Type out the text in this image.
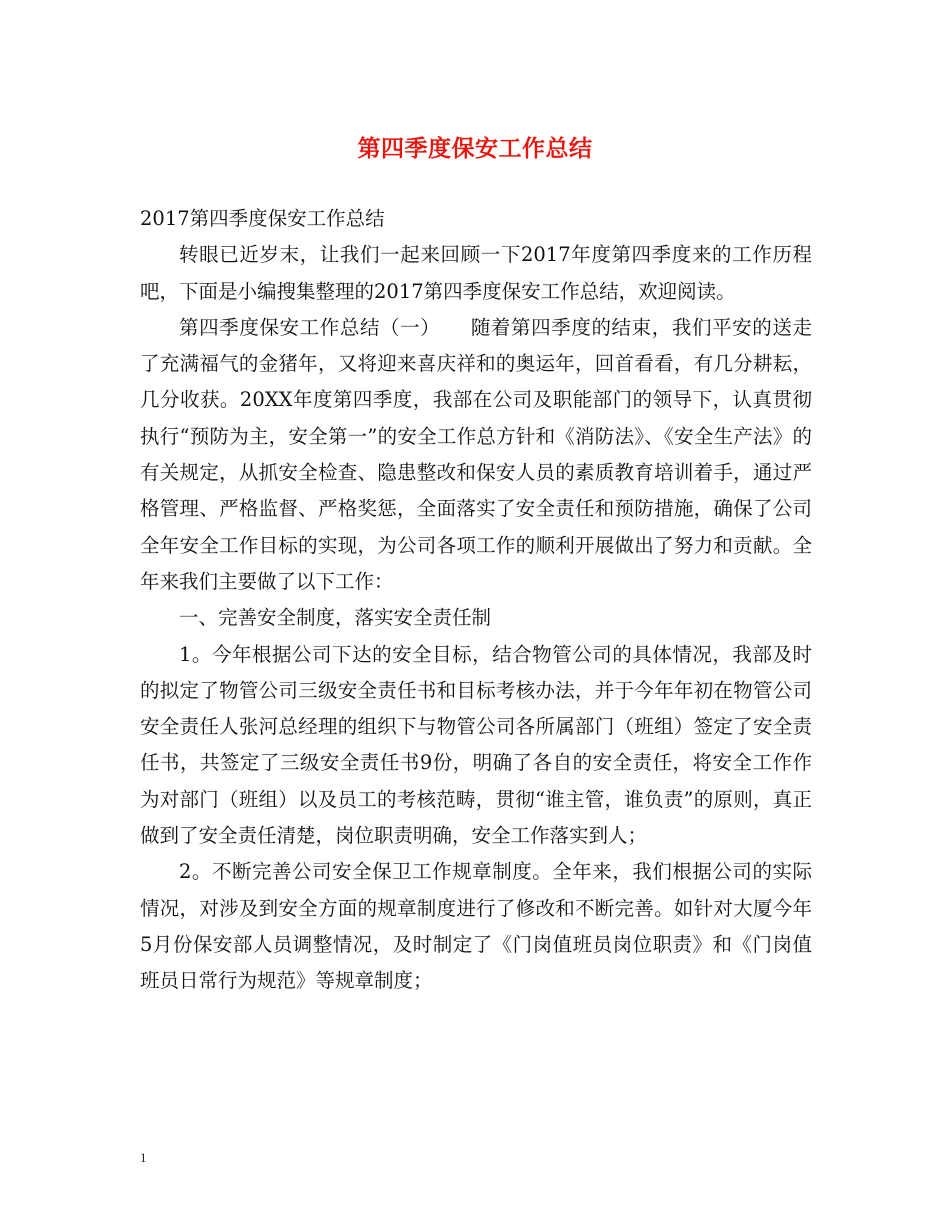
第四季度保安工作总结

2017第四季度保安工作总结

转眼已近岁末，让我们一起来回顾一下2017年度第四季度来的工作历程吧，下面是小编搜集整理的2017第四季度保安工作总结，欢迎阅读。

第四季度保安工作总结（一）　　随着第四季度的结束，我们平安的送走了充满福气的金猪年，又将迎来喜庆祥和的奥运年，回首看看，有几分耕耘，几分收获。20XX年度第四季度，我部在公司及职能部门的领导下，认真贯彻执行“预防为主，安全第一”的安全工作总方针和《消防法》、《安全生产法》的有关规定，从抓安全检查、隐患整改和保安人员的素质教育培训着手，通过严格管理、严格监督、严格奖惩，全面落实了安全责任和预防措施，确保了公司全年安全工作目标的实现，为公司各项工作的顺利开展做出了努力和贡献。全年来我们主要做了以下工作：

一、完善安全制度，落实安全责任制

1。今年根据公司下达的安全目标，结合物管公司的具体情况，我部及时的拟定了物管公司三级安全责任书和目标考核办法，并于今年年初在物管公司安全责任人张河总经理的组织下与物管公司各所属部门（班组）签定了安全责任书，共签定了三级安全责任书9份，明确了各自的安全责任，将安全工作作为对部门（班组）以及员工的考核范畴，贯彻“谁主管，谁负责”的原则，真正做到了安全责任清楚，岗位职责明确，安全工作落实到人；

2。不断完善公司安全保卫工作规章制度。全年来，我们根据公司的实际情况，对涉及到安全方面的规章制度进行了修改和不断完善。如针对大厦今年5月份保安部人员调整情况，及时制定了《门岗值班员岗位职责》和《门岗值班员日常行为规范》等规章制度；

1
